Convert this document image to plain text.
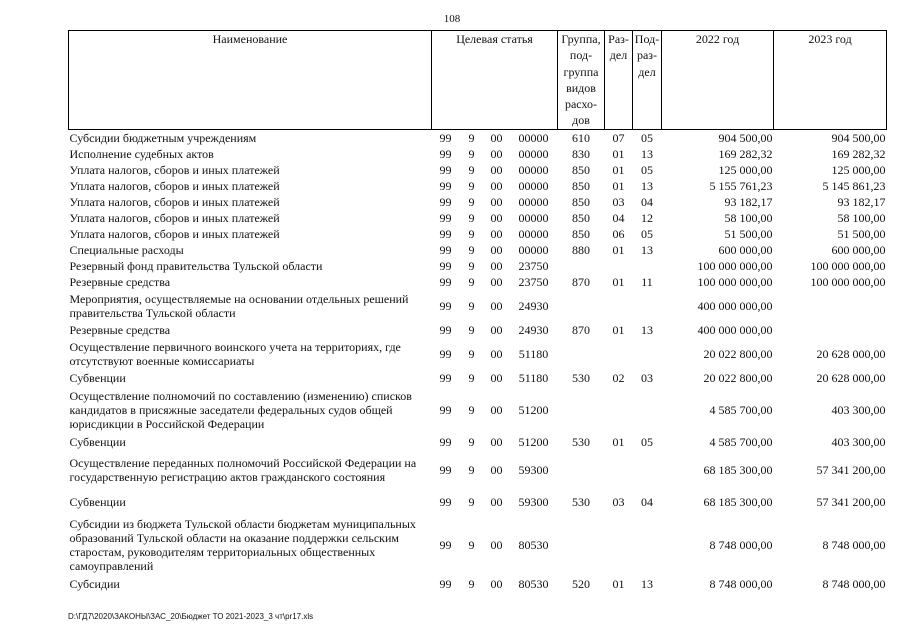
108
Наименование	Целевая статья				Группа, под-группа видов расхо-дов	Раз-дел	Под-раз-дел	2022 год	2023 год
Субсидии бюджетным учреждениям	99	9	00	00000	610	07	05	904 500,00	904 500,00
Исполнение судебных актов	99	9	00	00000	830	01	13	169 282,32	169 282,32
Уплата налогов, сборов и иных платежей	99	9	00	00000	850	01	05	125 000,00	125 000,00
Уплата налогов, сборов и иных платежей	99	9	00	00000	850	01	13	5 155 761,23	5 145 861,23
Уплата налогов, сборов и иных платежей	99	9	00	00000	850	03	04	93 182,17	93 182,17
Уплата налогов, сборов и иных платежей	99	9	00	00000	850	04	12	58 100,00	58 100,00
Уплата налогов, сборов и иных платежей	99	9	00	00000	850	06	05	51 500,00	51 500,00
Специальные расходы	99	9	00	00000	880	01	13	600 000,00	600 000,00
Резервный фонд правительства Тульской области	99	9	00	23750				100 000 000,00	100 000 000,00
Резервные средства	99	9	00	23750	870	01	11	100 000 000,00	100 000 000,00
Мероприятия, осуществляемые на основании отдельных решений правительства Тульской области	99	9	00	24930				400 000 000,00	
Резервные средства	99	9	00	24930	870	01	13	400 000 000,00	
Осуществление первичного воинского учета на территориях, где отсутствуют военные комиссариаты	99	9	00	51180				20 022 800,00	20 628 000,00
Субвенции	99	9	00	51180	530	02	03	20 022 800,00	20 628 000,00
Осуществление полномочий по составлению (изменению) списков кандидатов в присяжные заседатели федеральных судов общей юрисдикции в Российской Федерации	99	9	00	51200				4 585 700,00	403 300,00
Субвенции	99	9	00	51200	530	01	05	4 585 700,00	403 300,00
Осуществление переданных полномочий Российской Федерации на государственную регистрацию актов гражданского состояния	99	9	00	59300				68 185 300,00	57 341 200,00
Субвенции	99	9	00	59300	530	03	04	68 185 300,00	57 341 200,00
Субсидии из бюджета Тульской области бюджетам муниципальных образований Тульской области на оказание поддержки сельским старостам, руководителям территориальных общественных самоуправлений	99	9	00	80530				8 748 000,00	8 748 000,00
Субсидии	99	9	00	80530	520	01	13	8 748 000,00	8 748 000,00
D:\ГД7\2020\ЗАКОНЫ\ЗАС_20\Бюджет ТО 2021-2023_3 чт\pr17.xls
